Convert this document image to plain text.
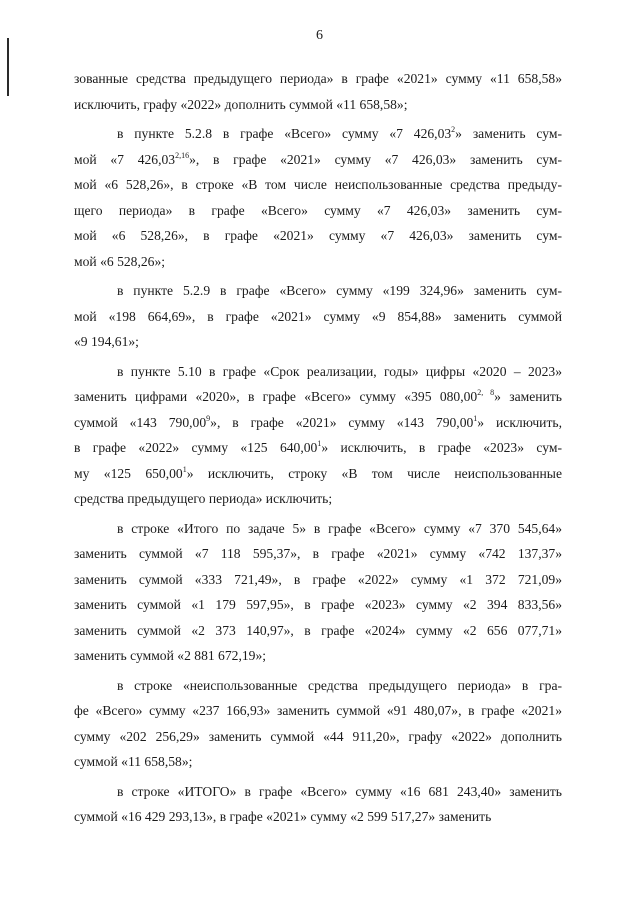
6
зованные средства предыдущего периода» в графе «2021» сумму «11 658,58»
исключить, графу «2022» дополнить суммой «11 658,58»;
в пункте 5.2.8 в графе «Всего» сумму «7 426,03$^2$» заменить сум-
мой «7 426,03$^{2,16}$», в графе «2021» сумму «7 426,03» заменить сум-
мой «6 528,26», в строке «В том числе неиспользованные средства предыду-
щего периода» в графе «Всего» сумму «7 426,03» заменить сум-
мой «6 528,26», в графе «2021» сумму «7 426,03» заменить сум-
мой «6 528,26»;
в пункте 5.2.9 в графе «Всего» сумму «199 324,96» заменить сум-
мой «198 664,69», в графе «2021» сумму «9 854,88» заменить суммой
«9 194,61»;
в пункте 5.10 в графе «Срок реализации, годы» цифры «2020 – 2023»
заменить цифрами «2020», в графе «Всего» сумму «395 080,00$^{2, 8}$» заменить
суммой «143 790,00$^9$», в графе «2021» сумму «143 790,00$^1$» исключить,
в графе «2022» сумму «125 640,00$^1$» исключить, в графе «2023» сум-
му «125 650,00$^1$» исключить, строку «В том числе неиспользованные
средства предыдущего периода» исключить;
в строке «Итого по задаче 5» в графе «Всего» сумму «7 370 545,64»
заменить суммой «7 118 595,37», в графе «2021» сумму «742 137,37»
заменить суммой «333 721,49», в графе «2022» сумму «1 372 721,09»
заменить суммой «1 179 597,95», в графе «2023» сумму «2 394 833,56»
заменить суммой «2 373 140,97», в графе «2024» сумму «2 656 077,71»
заменить суммой «2 881 672,19»;
в строке «неиспользованные средства предыдущего периода» в гра-
фе «Всего» сумму «237 166,93» заменить суммой «91 480,07», в графе «2021»
сумму «202 256,29» заменить суммой «44 911,20», графу «2022» дополнить
суммой «11 658,58»;
в строке «ИТОГО» в графе «Всего» сумму «16 681 243,40» заменить
суммой «16 429 293,13», в графе «2021» сумму «2 599 517,27» заменить
